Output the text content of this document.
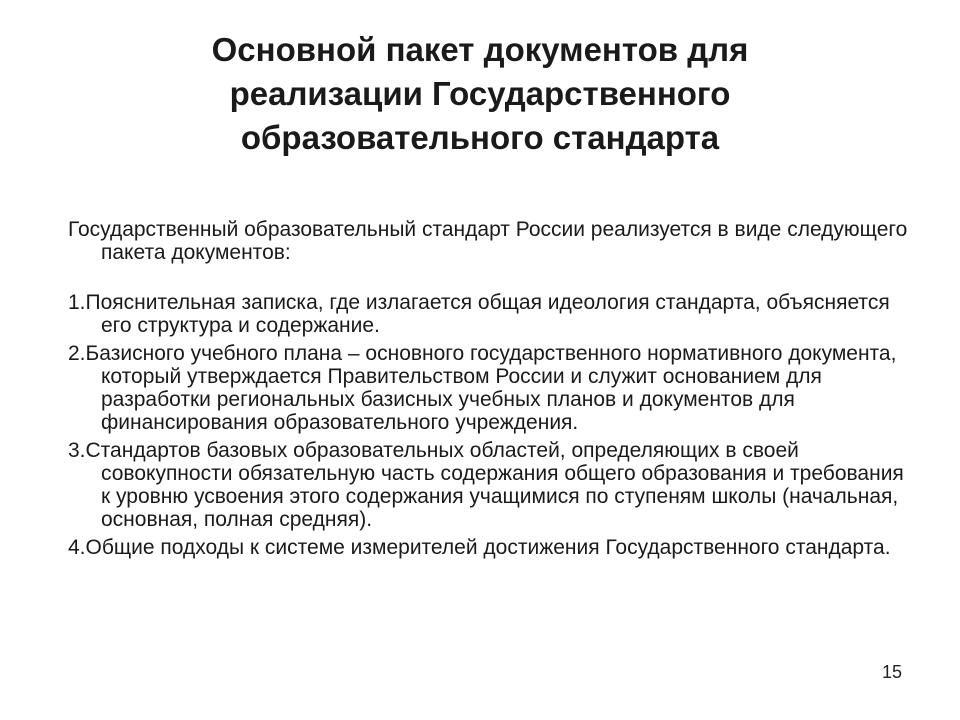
Основной пакет документов для
реализации Государственного
образовательного стандарта

Государственный образовательный стандарт России реализуется в виде следующего пакета документов:

1.Пояснительная записка, где излагается общая идеология стандарта, объясняется его структура и содержание.

2.Базисного учебного плана – основного государственного нормативного документа, который утверждается Правительством России и служит основанием для разработки региональных базисных учебных планов и документов для финансирования образовательного учреждения.

3.Стандартов базовых образовательных областей, определяющих в своей совокупности обязательную часть содержания общего образования и требования к уровню усвоения этого содержания учащимися по ступеням школы (начальная, основная, полная средняя).

4.Общие подходы к системе измерителей достижения Государственного стандарта.

15
